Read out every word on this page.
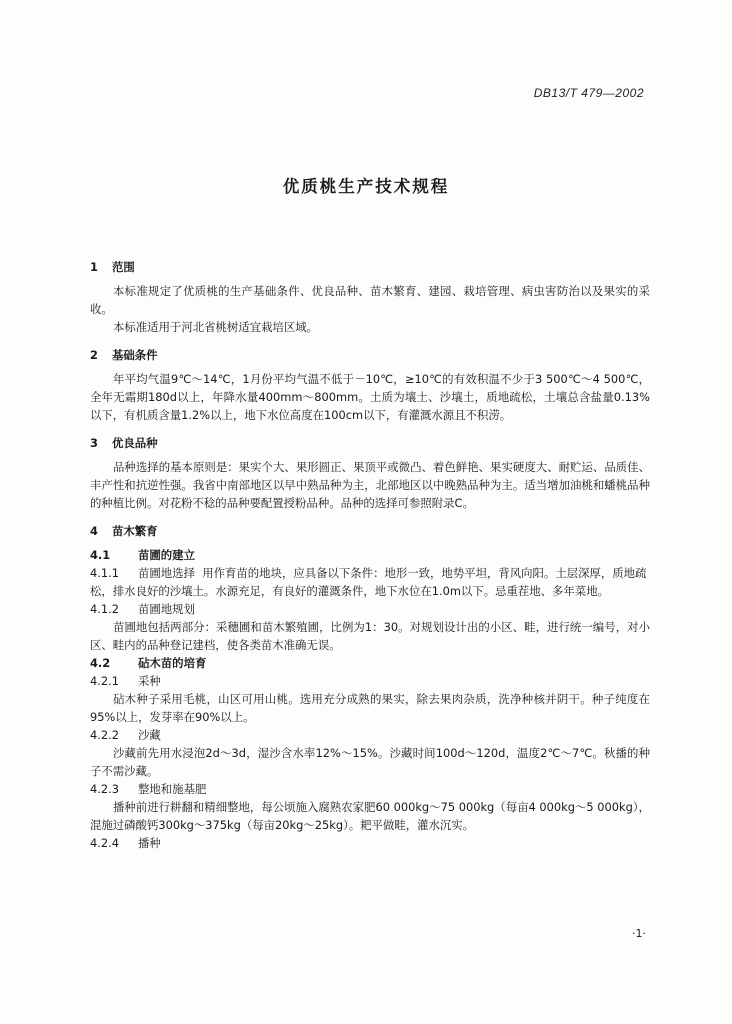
DB13/T 479—2002
优质桃生产技术规程

1 范围

本标准规定了优质桃的生产基础条件、优良品种、苗木繁育、建园、栽培管理、病虫害防治以及果实的采收。

本标准适用于河北省桃树适宜栽培区域。

2 基础条件

年平均气温9℃～14℃，1月份平均气温不低于－10℃，≥10℃的有效积温不少于3 500℃～4 500℃，全年无霜期180d以上，年降水量400mm～800mm。土质为壤土、沙壤土，质地疏松，土壤总含盐量0.13%以下，有机质含量1.2%以上，地下水位高度在100cm以下，有灌溉水源且不积涝。

3 优良品种

品种选择的基本原则是：果实个大、果形圆正、果顶平或微凸、着色鲜艳、果实硬度大、耐贮运、品质佳、丰产性和抗逆性强。我省中南部地区以早中熟品种为主，北部地区以中晚熟品种为主。适当增加油桃和蟠桃品种的种植比例。对花粉不稔的品种要配置授粉品种。品种的选择可参照附录C。

4 苗木繁育

4.1 苗圃的建立

4.1.1 苗圃地选择 用作育苗的地块，应具备以下条件：地形一致，地势平坦，背风向阳。土层深厚，质地疏松，排水良好的沙壤土。水源充足，有良好的灌溉条件，地下水位在1.0m以下。忌重茬地、多年菜地。

4.1.2 苗圃地规划

苗圃地包括两部分：采穗圃和苗木繁殖圃，比例为1：30。对规划设计出的小区、畦，进行统一编号，对小区、畦内的品种登记建档，使各类苗木准确无误。

4.2 砧木苗的培育

4.2.1 采种

砧木种子采用毛桃，山区可用山桃。选用充分成熟的果实，除去果肉杂质，洗净种核并阴干。种子纯度在95%以上，发芽率在90%以上。

4.2.2 沙藏

沙藏前先用水浸泡2d～3d，湿沙含水率12%～15%。沙藏时间100d～120d，温度2℃～7℃。秋播的种子不需沙藏。

4.2.3 整地和施基肥

播种前进行耕翻和精细整地，每公顷施入腐熟农家肥60 000kg～75 000kg（每亩4 000kg～5 000kg），混施过磷酸钙300kg～375kg（每亩20kg～25kg）。耙平做畦，灌水沉实。

4.2.4 播种

·1·
